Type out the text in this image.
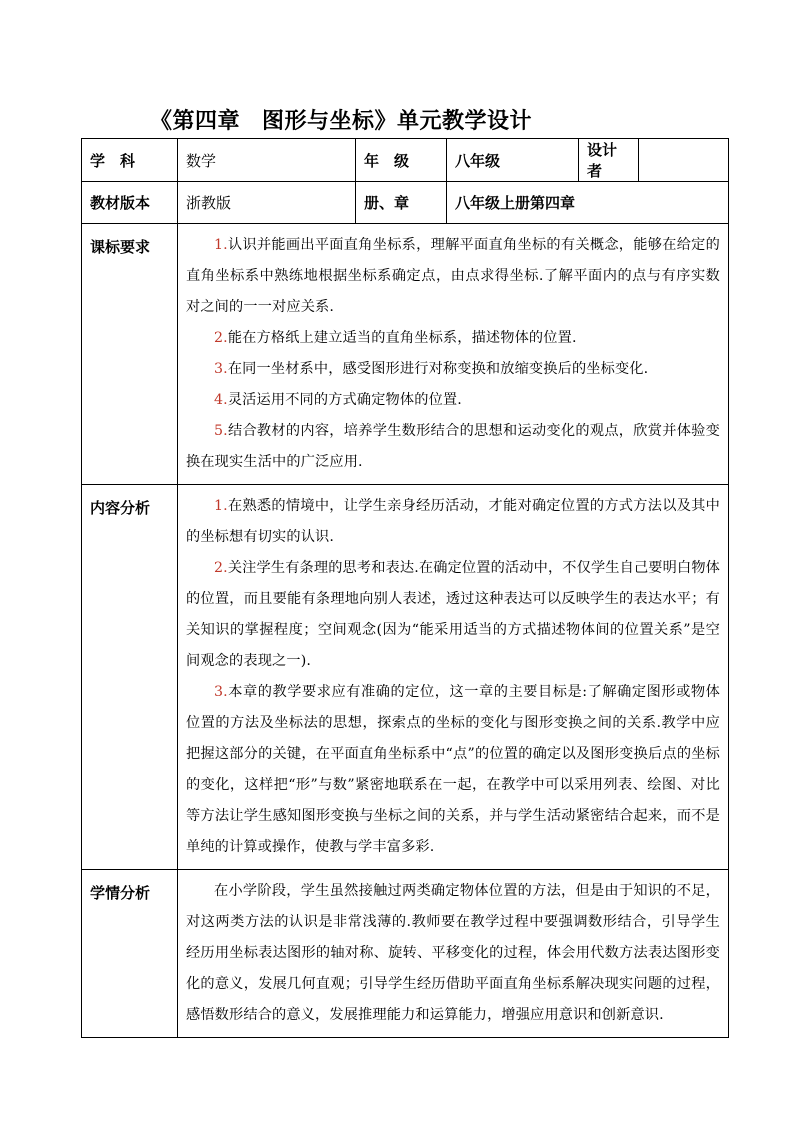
《第四章 图形与坐标》单元教学设计
学　科	数学	年　级	八年级	设计者	
教材版本	浙教版	册、章	八年级上册第四章		
课标要求	1.认识并能画出平面直角坐标系，理解平面直角坐标的有关概念，能够在给定的直角坐标系中熟练地根据坐标系确定点，由点求得坐标.了解平面内的点与有序实数对之间的一一对应关系.

2.能在方格纸上建立适当的直角坐标系，描述物体的位置.

3.在同一坐材系中，感受图形进行对称变换和放缩变换后的坐标变化.

4.灵活运用不同的方式确定物体的位置.

5.结合教材的内容，培养学生数形结合的思想和运动变化的观点，欣赏并体验变换在现实生活中的广泛应用.				

内容分析	1.在熟悉的情境中，让学生亲身经历活动，才能对确定位置的方式方法以及其中的坐标想有切实的认识.

2.关注学生有条理的思考和表达.在确定位置的活动中，不仅学生自己要明白物体的位置，而且要能有条理地向别人表述，透过这种表达可以反映学生的表达水平；有关知识的掌握程度；空间观念(因为“能采用适当的方式描述物体间的位置关系”是空间观念的表现之一).

3.本章的教学要求应有准确的定位，这一章的主要目标是:了解确定图形或物体位置的方法及坐标法的思想，探索点的坐标的变化与图形变换之间的关系.教学中应把握这部分的关键，在平面直角坐标系中“点”的位置的确定以及图形变换后点的坐标的变化，这样把“形”与数”紧密地联系在一起，在教学中可以采用列表、绘图、对比等方法让学生感知图形变换与坐标之间的关系，并与学生活动紧密结合起来，而不是单纯的计算或操作，使教与学丰富多彩.				

学情分析	在小学阶段，学生虽然接触过两类确定物体位置的方法，但是由于知识的不足，对这两类方法的认识是非常浅薄的.教师要在教学过程中要强调数形结合，引导学生经历用坐标表达图形的轴对称、旋转、平移变化的过程，体会用代数方法表达图形变化的意义，发展几何直观；引导学生经历借助平面直角坐标系解决现实问题的过程，感悟数形结合的意义，发展推理能力和运算能力，增强应用意识和创新意识.				
